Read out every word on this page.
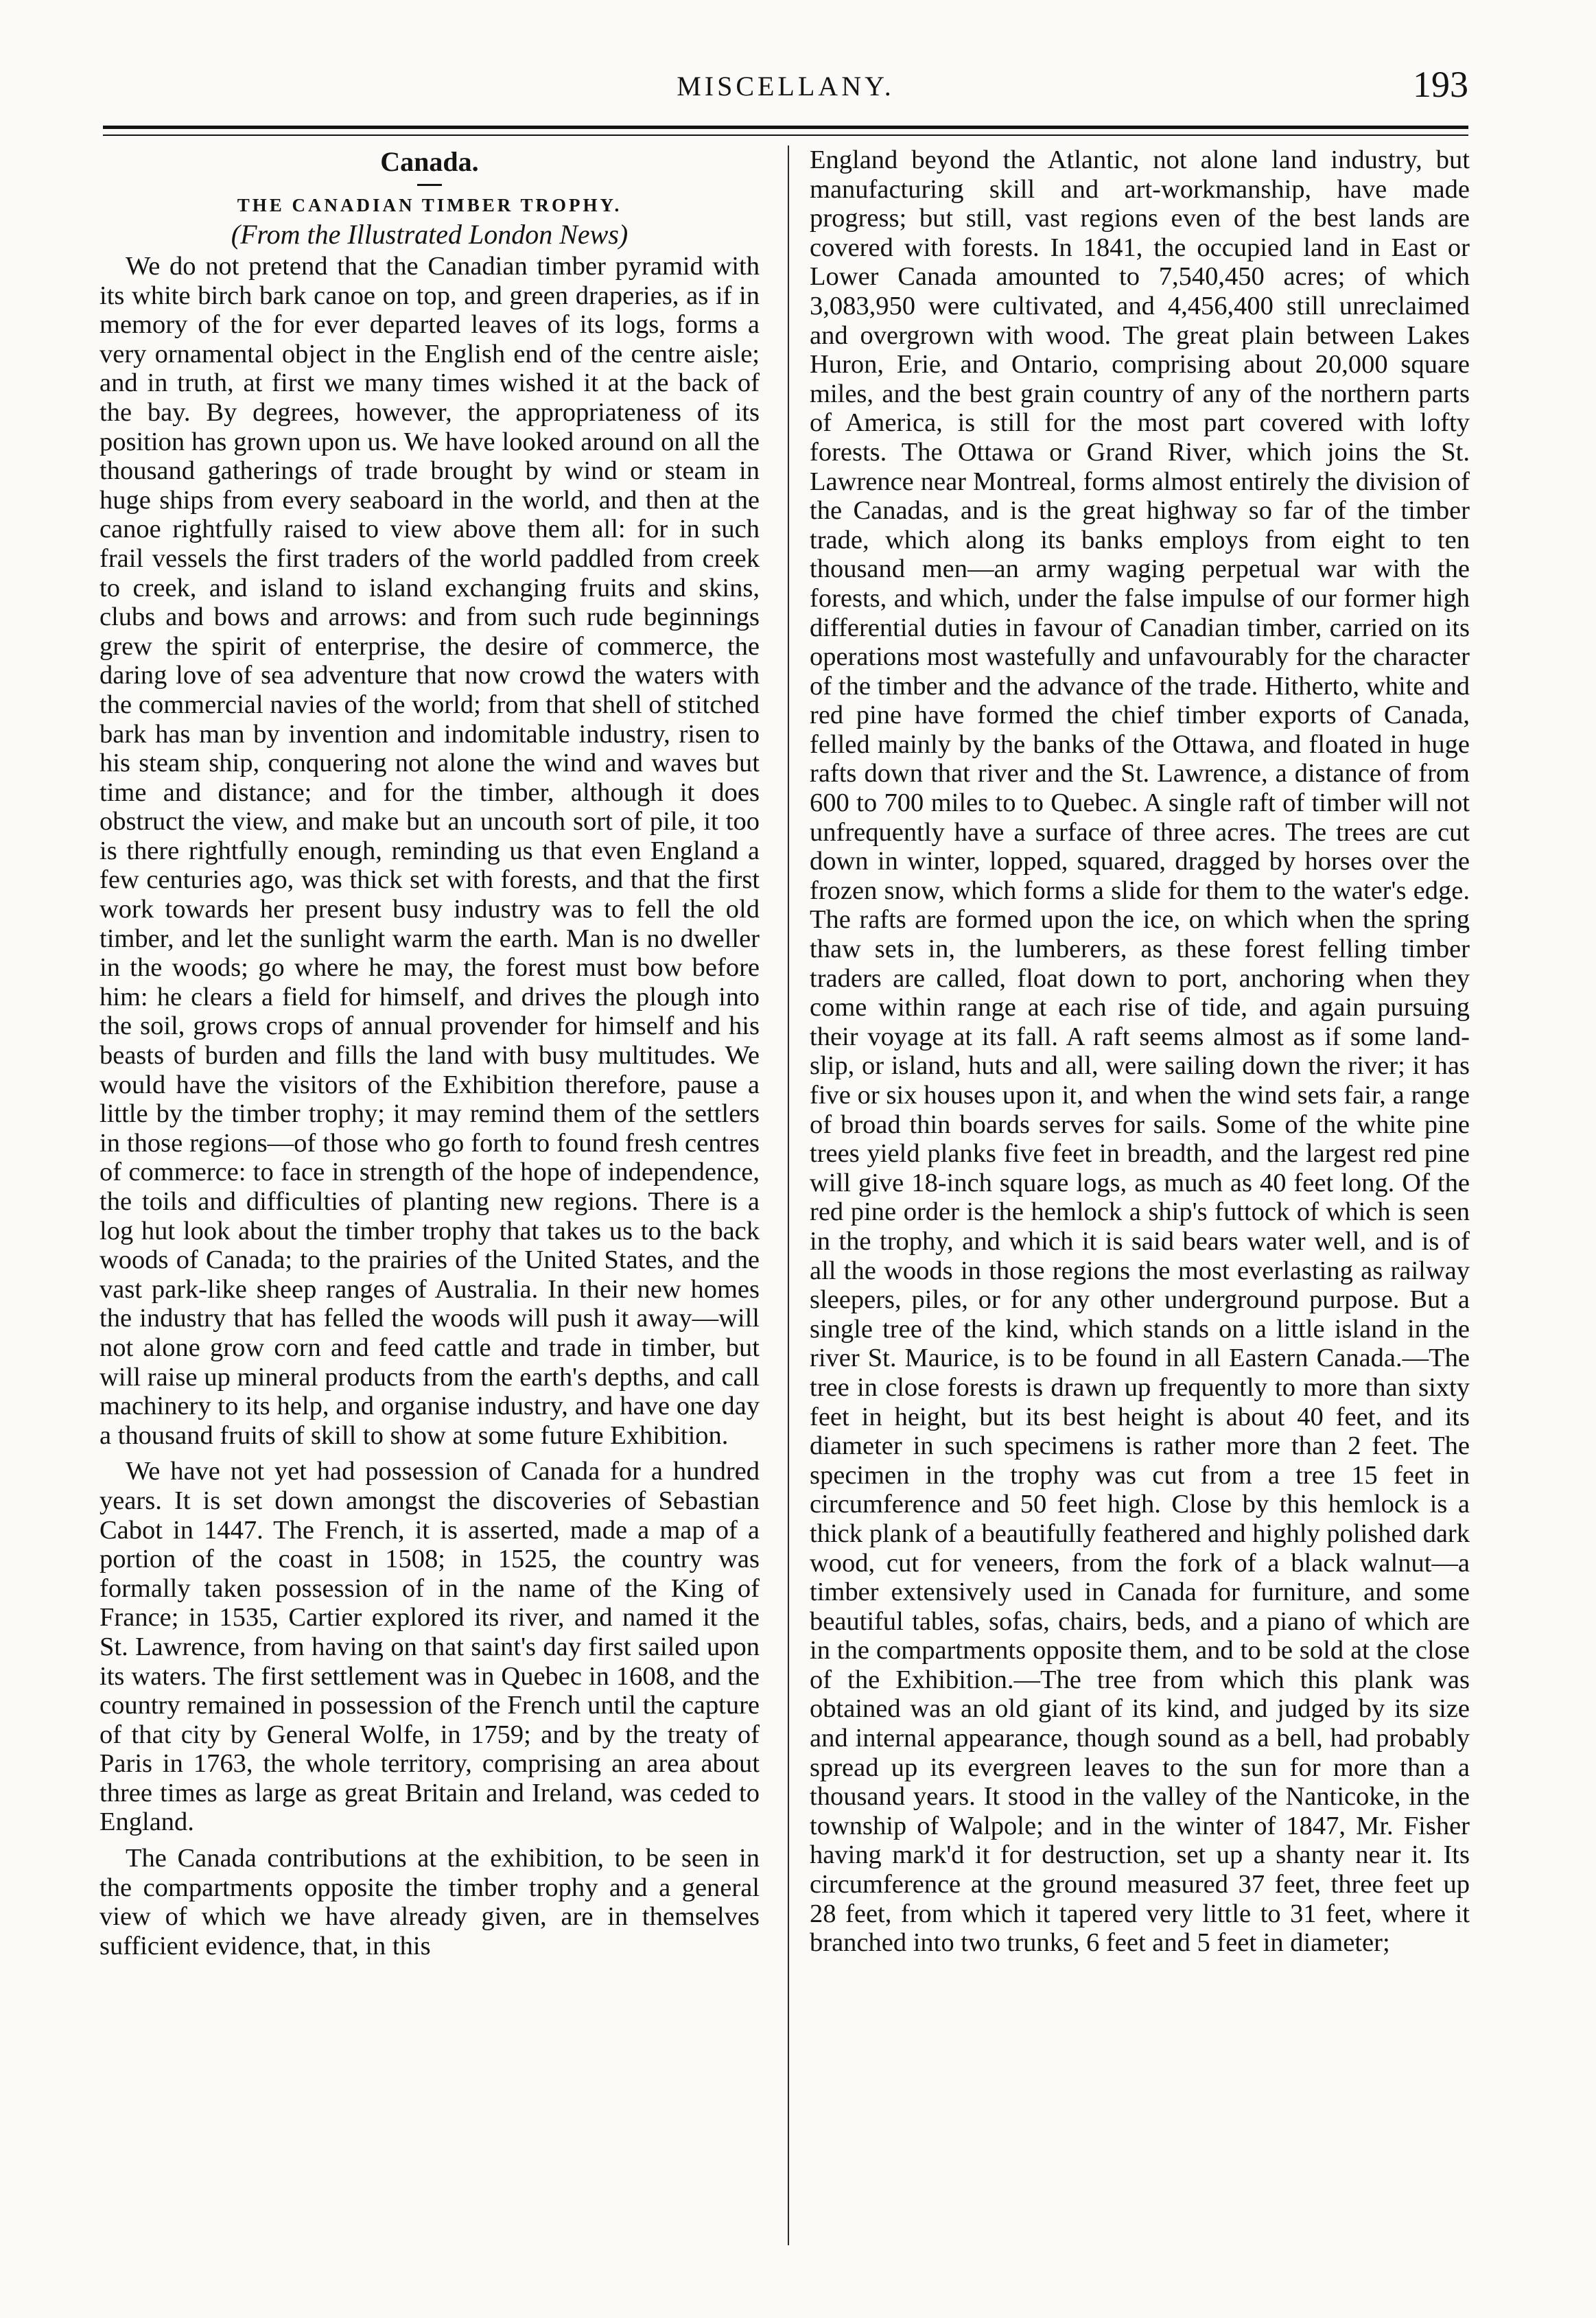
MISCELLANY.	193
Canada.
THE CANADIAN TIMBER TROPHY.
(From the Illustrated London News)

We do not pretend that the Canadian timber pyramid with its white birch bark canoe on top, and green draperies, as if in memory of the for ever departed leaves of its logs, forms a very ornamental object in the English end of the centre aisle; and in truth, at first we many times wished it at the back of the bay. By degrees, however, the appropriateness of its position has grown upon us. We have looked around on all the thousand gatherings of trade brought by wind or steam in huge ships from every seaboard in the world, and then at the canoe rightfully raised to view above them all: for in such frail vessels the first traders of the world paddled from creek to creek, and island to island exchanging fruits and skins, clubs and bows and arrows: and from such rude beginnings grew the spirit of enterprise, the desire of commerce, the daring love of sea adventure that now crowd the waters with the commercial navies of the world; from that shell of stitched bark has man by invention and indomitable industry, risen to his steam ship, conquering not alone the wind and waves but time and distance; and for the timber, although it does obstruct the view, and make but an uncouth sort of pile, it too is there rightfully enough, reminding us that even England a few centuries ago, was thick set with forests, and that the first work towards her present busy industry was to fell the old timber, and let the sunlight warm the earth. Man is no dweller in the woods; go where he may, the forest must bow before him: he clears a field for himself, and drives the plough into the soil, grows crops of annual provender for himself and his beasts of burden and fills the land with busy multitudes. We would have the visitors of the Exhibition therefore, pause a little by the timber trophy; it may remind them of the settlers in those regions—of those who go forth to found fresh centres of commerce: to face in strength of the hope of independence, the toils and difficulties of planting new regions. There is a log hut look about the timber trophy that takes us to the back woods of Canada; to the prairies of the United States, and the vast park-like sheep ranges of Australia. In their new homes the industry that has felled the woods will push it away—will not alone grow corn and feed cattle and trade in timber, but will raise up mineral products from the earth's depths, and call machinery to its help, and organise industry, and have one day a thousand fruits of skill to show at some future Exhibition.

We have not yet had possession of Canada for a hundred years. It is set down amongst the discoveries of Sebastian Cabot in 1447. The French, it is asserted, made a map of a portion of the coast in 1508; in 1525, the country was formally taken possession of in the name of the King of France; in 1535, Cartier explored its river, and named it the St. Lawrence, from having on that saint's day first sailed upon its waters. The first settlement was in Quebec in 1608, and the country remained in possession of the French until the capture of that city by General Wolfe, in 1759; and by the treaty of Paris in 1763, the whole territory, comprising an area about three times as large as great Britain and Ireland, was ceded to England.

The Canada contributions at the exhibition, to be seen in the compartments opposite the timber trophy and a general view of which we have already given, are in themselves sufficient evidence, that, in this

England beyond the Atlantic, not alone land industry, but manufacturing skill and art-workmanship, have made progress; but still, vast regions even of the best lands are covered with forests. In 1841, the occupied land in East or Lower Canada amounted to 7,540,450 acres; of which 3,083,950 were cultivated, and 4,456,400 still unreclaimed and overgrown with wood. The great plain between Lakes Huron, Erie, and Ontario, comprising about 20,000 square miles, and the best grain country of any of the northern parts of America, is still for the most part covered with lofty forests. The Ottawa or Grand River, which joins the St. Lawrence near Montreal, forms almost entirely the division of the Canadas, and is the great highway so far of the timber trade, which along its banks employs from eight to ten thousand men—an army waging perpetual war with the forests, and which, under the false impulse of our former high differential duties in favour of Canadian timber, carried on its operations most wastefully and unfavourably for the character of the timber and the advance of the trade. Hitherto, white and red pine have formed the chief timber exports of Canada, felled mainly by the banks of the Ottawa, and floated in huge rafts down that river and the St. Lawrence, a distance of from 600 to 700 miles to to Quebec. A single raft of timber will not unfrequently have a surface of three acres. The trees are cut down in winter, lopped, squared, dragged by horses over the frozen snow, which forms a slide for them to the water's edge. The rafts are formed upon the ice, on which when the spring thaw sets in, the lumberers, as these forest felling timber traders are called, float down to port, anchoring when they come within range at each rise of tide, and again pursuing their voyage at its fall. A raft seems almost as if some land-slip, or island, huts and all, were sailing down the river; it has five or six houses upon it, and when the wind sets fair, a range of broad thin boards serves for sails. Some of the white pine trees yield planks five feet in breadth, and the largest red pine will give 18-inch square logs, as much as 40 feet long. Of the red pine order is the hemlock a ship's futtock of which is seen in the trophy, and which it is said bears water well, and is of all the woods in those regions the most everlasting as railway sleepers, piles, or for any other underground purpose. But a single tree of the kind, which stands on a little island in the river St. Maurice, is to be found in all Eastern Canada.—The tree in close forests is drawn up frequently to more than sixty feet in height, but its best height is about 40 feet, and its diameter in such specimens is rather more than 2 feet. The specimen in the trophy was cut from a tree 15 feet in circumference and 50 feet high. Close by this hemlock is a thick plank of a beautifully feathered and highly polished dark wood, cut for veneers, from the fork of a black walnut—a timber extensively used in Canada for furniture, and some beautiful tables, sofas, chairs, beds, and a piano of which are in the compartments opposite them, and to be sold at the close of the Exhibition.—The tree from which this plank was obtained was an old giant of its kind, and judged by its size and internal appearance, though sound as a bell, had probably spread up its evergreen leaves to the sun for more than a thousand years. It stood in the valley of the Nanticoke, in the township of Walpole; and in the winter of 1847, Mr. Fisher having mark'd it for destruction, set up a shanty near it. Its circumference at the ground measured 37 feet, three feet up 28 feet, from which it tapered very little to 31 feet, where it branched into two trunks, 6 feet and 5 feet in diameter;
